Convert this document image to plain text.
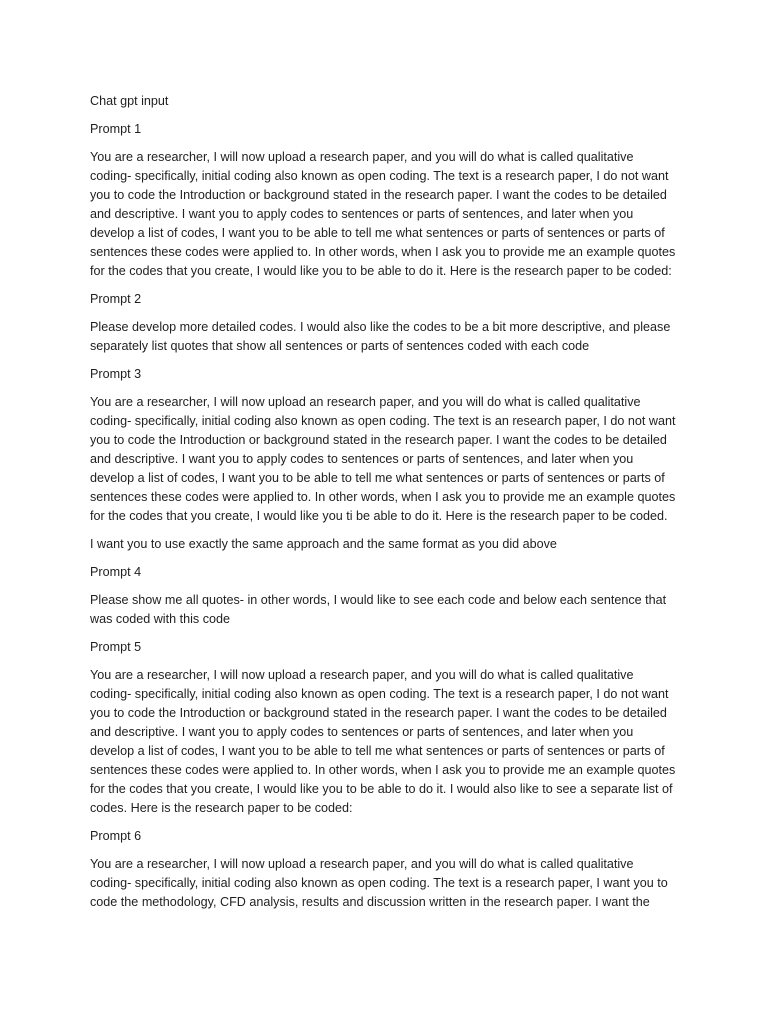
Chat gpt input

Prompt 1

You are a researcher, I will now upload a research paper, and you will do what is called qualitative
coding- specifically, initial coding also known as open coding. The text is a research paper, I do not want
you to code the Introduction or background stated in the research paper. I want the codes to be detailed
and descriptive. I want you to apply codes to sentences or parts of sentences, and later when you
develop a list of codes, I want you to be able to tell me what sentences or parts of sentences or parts of
sentences these codes were applied to. In other words, when I ask you to provide me an example quotes
for the codes that you create, I would like you to be able to do it. Here is the research paper to be coded:

Prompt 2

Please develop more detailed codes. I would also like the codes to be a bit more descriptive, and please
separately list quotes that show all sentences or parts of sentences coded with each code

Prompt 3

You are a researcher, I will now upload an research paper, and you will do what is called qualitative
coding- specifically, initial coding also known as open coding. The text is an research paper, I do not want
you to code the Introduction or background stated in the research paper. I want the codes to be detailed
and descriptive. I want you to apply codes to sentences or parts of sentences, and later when you
develop a list of codes, I want you to be able to tell me what sentences or parts of sentences or parts of
sentences these codes were applied to. In other words, when I ask you to provide me an example quotes
for the codes that you create, I would like you ti be able to do it. Here is the research paper to be coded.

I want you to use exactly the same approach and the same format as you did above

Prompt 4

Please show me all quotes- in other words, I would like to see each code and below each sentence that
was coded with this code

Prompt 5

You are a researcher, I will now upload a research paper, and you will do what is called qualitative
coding- specifically, initial coding also known as open coding. The text is a research paper, I do not want
you to code the Introduction or background stated in the research paper. I want the codes to be detailed
and descriptive. I want you to apply codes to sentences or parts of sentences, and later when you
develop a list of codes, I want you to be able to tell me what sentences or parts of sentences or parts of
sentences these codes were applied to. In other words, when I ask you to provide me an example quotes
for the codes that you create, I would like you to be able to do it. I would also like to see a separate list of
codes. Here is the research paper to be coded:

Prompt 6

You are a researcher, I will now upload a research paper, and you will do what is called qualitative
coding- specifically, initial coding also known as open coding. The text is a research paper, I want you to
code the methodology, CFD analysis, results and discussion written in the research paper. I want the
